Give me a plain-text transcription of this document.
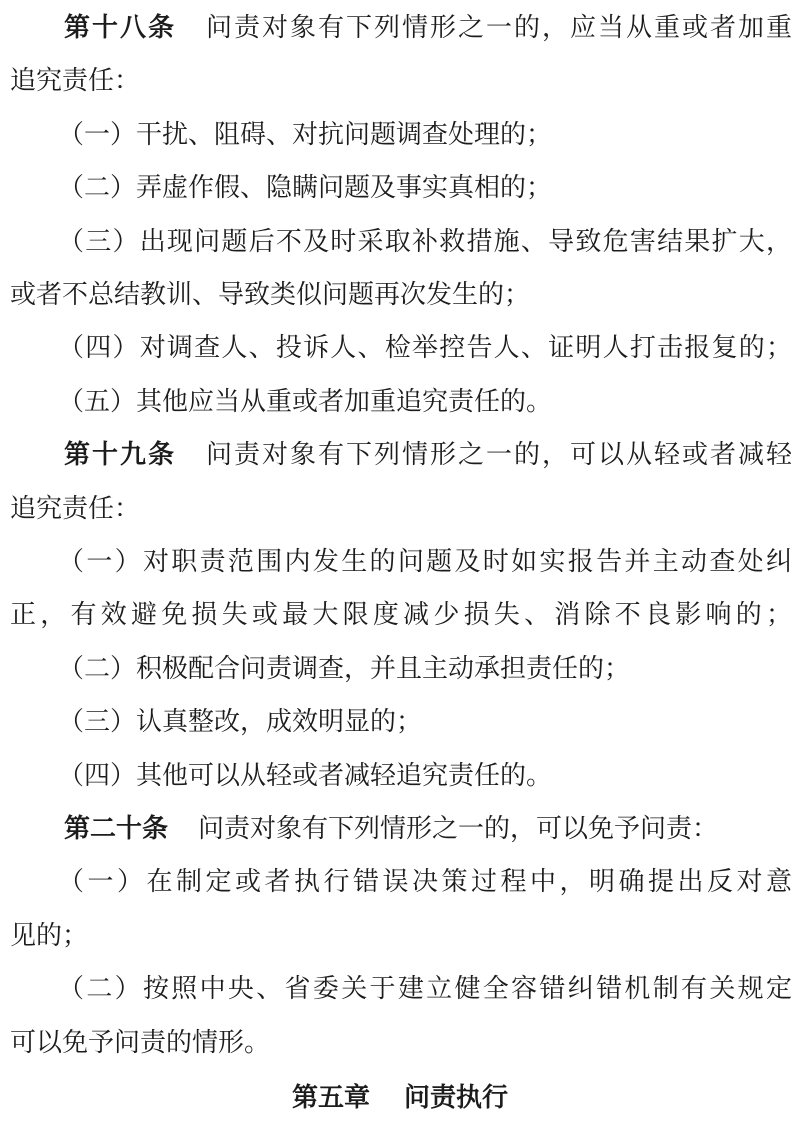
第十八条 问责对象有下列情形之一的，应当从重或者加重
追究责任：
（一）干扰、阻碍、对抗问题调查处理的；
（二）弄虚作假、隐瞒问题及事实真相的；
（三）出现问题后不及时采取补救措施、导致危害结果扩大，
或者不总结教训、导致类似问题再次发生的；
（四）对调查人、投诉人、检举控告人、证明人打击报复的；
（五）其他应当从重或者加重追究责任的。
第十九条 问责对象有下列情形之一的，可以从轻或者减轻
追究责任：
（一）对职责范围内发生的问题及时如实报告并主动查处纠
正，有效避免损失或最大限度减少损失、消除不良影响的；
（二）积极配合问责调查，并且主动承担责任的；
（三）认真整改，成效明显的；
（四）其他可以从轻或者减轻追究责任的。
第二十条 问责对象有下列情形之一的，可以免予问责：
（一）在制定或者执行错误决策过程中，明确提出反对意
见的；
（二）按照中央、省委关于建立健全容错纠错机制有关规定
可以免予问责的情形。
第五章 问责执行
